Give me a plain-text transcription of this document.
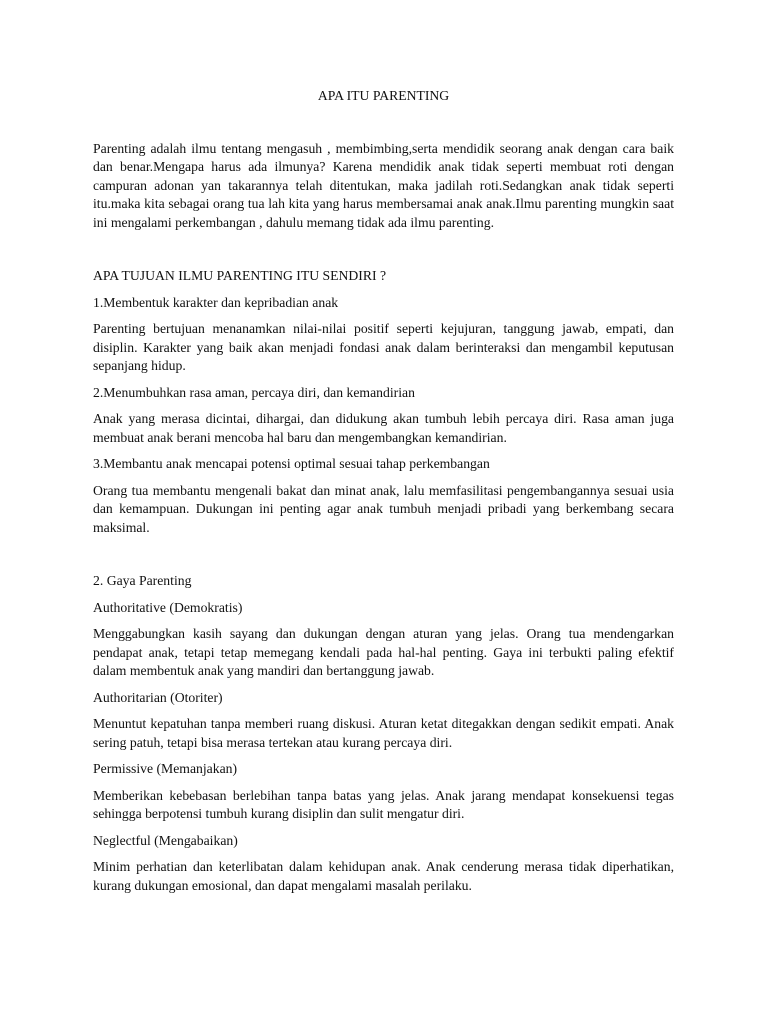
APA ITU PARENTING

Parenting adalah ilmu tentang mengasuh , membimbing,serta mendidik seorang anak dengan cara baik dan benar.Mengapa harus ada ilmunya? Karena mendidik anak tidak seperti membuat roti dengan campuran adonan yan takarannya telah ditentukan, maka jadilah roti.Sedangkan anak tidak seperti itu.maka kita sebagai orang tua lah kita yang harus membersamai anak anak.Ilmu parenting mungkin saat ini mengalami perkembangan , dahulu memang tidak ada ilmu parenting.

APA TUJUAN ILMU PARENTING ITU SENDIRI ?

1.Membentuk karakter dan kepribadian anak

Parenting bertujuan menanamkan nilai-nilai positif seperti kejujuran, tanggung jawab, empati, dan disiplin. Karakter yang baik akan menjadi fondasi anak dalam berinteraksi dan mengambil keputusan sepanjang hidup.

2.Menumbuhkan rasa aman, percaya diri, dan kemandirian

Anak yang merasa dicintai, dihargai, dan didukung akan tumbuh lebih percaya diri. Rasa aman juga membuat anak berani mencoba hal baru dan mengembangkan kemandirian.

3.Membantu anak mencapai potensi optimal sesuai tahap perkembangan

Orang tua membantu mengenali bakat dan minat anak, lalu memfasilitasi pengembangannya sesuai usia dan kemampuan. Dukungan ini penting agar anak tumbuh menjadi pribadi yang berkembang secara maksimal.

2. Gaya Parenting

Authoritative (Demokratis)

Menggabungkan kasih sayang dan dukungan dengan aturan yang jelas. Orang tua mendengarkan pendapat anak, tetapi tetap memegang kendali pada hal-hal penting. Gaya ini terbukti paling efektif dalam membentuk anak yang mandiri dan bertanggung jawab.

Authoritarian (Otoriter)

Menuntut kepatuhan tanpa memberi ruang diskusi. Aturan ketat ditegakkan dengan sedikit empati. Anak sering patuh, tetapi bisa merasa tertekan atau kurang percaya diri.

Permissive (Memanjakan)

Memberikan kebebasan berlebihan tanpa batas yang jelas. Anak jarang mendapat konsekuensi tegas sehingga berpotensi tumbuh kurang disiplin dan sulit mengatur diri.

Neglectful (Mengabaikan)

Minim perhatian dan keterlibatan dalam kehidupan anak. Anak cenderung merasa tidak diperhatikan, kurang dukungan emosional, dan dapat mengalami masalah perilaku.
